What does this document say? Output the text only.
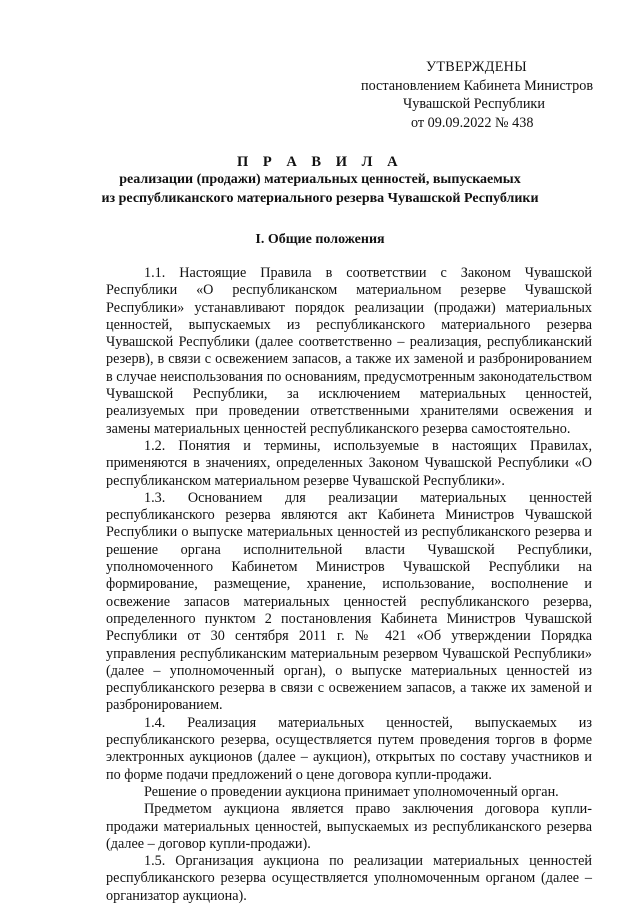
УТВЕРЖДЕНЫ
постановлением Кабинета Министров
Чувашской Республики
от 09.09.2022 № 438
П Р А В И Л А
реализации (продажи) материальных ценностей, выпускаемых
из республиканского материального резерва Чувашской Республики
I. Общие положения

1.1. Настоящие Правила в соответствии с Законом Чувашской Республики «О республиканском материальном резерве Чувашской Республики» устанавливают порядок реализации (продажи) материальных ценностей, выпускаемых из республиканского материального резерва Чувашской Республики (далее соответственно – реализация, республиканский резерв), в связи с освежением запасов, а также их заменой и разбронированием в случае неиспользования по основаниям, предусмотренным законодательством Чувашской Республики, за исключением материальных ценностей, реализуемых при проведении ответственными хранителями освежения и замены материальных ценностей республиканского резерва самостоятельно.

1.2. Понятия и термины, используемые в настоящих Правилах, применяются в значениях, определенных Законом Чувашской Республики «О республиканском материальном резерве Чувашской Республики».

1.3. Основанием для реализации материальных ценностей республиканского резерва являются акт Кабинета Министров Чувашской Республики о выпуске материальных ценностей из республиканского резерва и решение органа исполнительной власти Чувашской Республики, уполномоченного Кабинетом Министров Чувашской Республики на формирование, размещение, хранение, использование, восполнение и освежение запасов материальных ценностей республиканского резерва, определенного пунктом 2 постановления Кабинета Министров Чувашской Республики от 30 сентября 2011 г. № 421 «Об утверждении Порядка управления республиканским материальным резервом Чувашской Республики» (далее – уполномоченный орган), о выпуске материальных ценностей из республиканского резерва в связи с освежением запасов, а также их заменой и разбронированием.

1.4. Реализация материальных ценностей, выпускаемых из республиканского резерва, осуществляется путем проведения торгов в форме электронных аукционов (далее – аукцион), открытых по составу участников и по форме подачи предложений о цене договора купли-продажи.

Решение о проведении аукциона принимает уполномоченный орган.

Предметом аукциона является право заключения договора купли-продажи материальных ценностей, выпускаемых из республиканского резерва (далее – договор купли-продажи).

1.5. Организация аукциона по реализации материальных ценностей республиканского резерва осуществляется уполномоченным органом (далее – организатор аукциона).
